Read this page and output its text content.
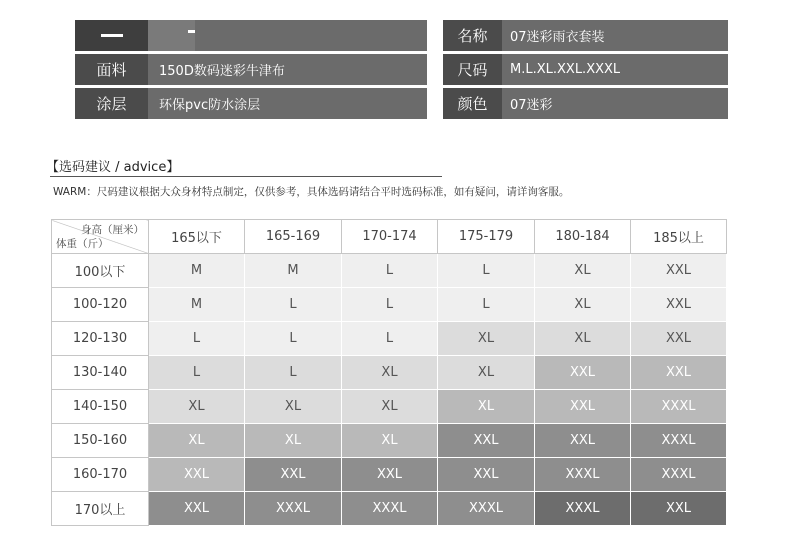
面料	150D数码迷彩牛津布
涂层	环保pvc防水涂层
名称	07迷彩雨衣套装
尺码	M.L.XL.XXL.XXXL
颜色	07迷彩
【选码建议 / advice】
WARM：尺码建议根据大众身材特点制定，仅供参考，具体选码请结合平时选码标准，如有疑问，请详询客服。
身高（厘米）
体重（斤）	165以下	165-169	170-174	175-179	180-184	185以上
100以下	M	M	L	L	XL	XXL
100-120	M	L	L	L	XL	XXL
120-130	L	L	L	XL	XL	XXL
130-140	L	L	XL	XL	XXL	XXL
140-150	XL	XL	XL	XL	XXL	XXXL
150-160	XL	XL	XL	XXL	XXL	XXXL
160-170	XXL	XXL	XXL	XXL	XXXL	XXXL
170以上	XXL	XXXL	XXXL	XXXL	XXXL	XXL
